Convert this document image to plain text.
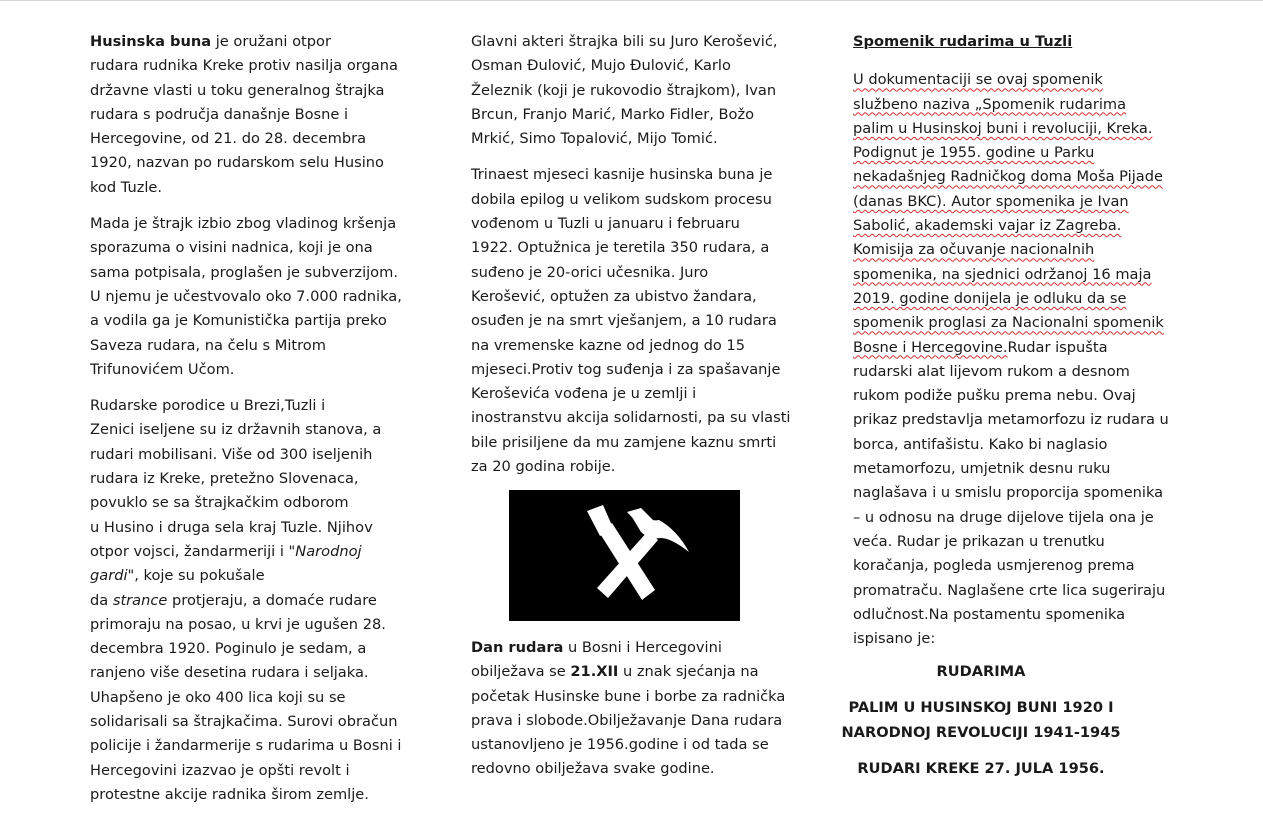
Husinska buna je oružani otpor
rudara rudnika Kreke protiv nasilja organa
državne vlasti u toku generalnog štrajka
rudara s područja današnje Bosne i
Hercegovine, od 21. do 28. decembra
1920, nazvan po rudarskom selu Husino
kod Tuzle.

Mada je štrajk izbio zbog vladinog kršenja
sporazuma o visini nadnica, koji je ona
sama potpisala, proglašen je subverzijom.
U njemu je učestvovalo oko 7.000 radnika,
a vodila ga je Komunistička partija preko
Saveza rudara, na čelu s Mitrom
Trifunovićem Učom.

Rudarske porodice u Brezi,Tuzli i
Zenici iseljene su iz državnih stanova, a
rudari mobilisani. Više od 300 iseljenih
rudara iz Kreke, pretežno Slovenaca,
povuklo se sa štrajkačkim odborom
u Husino i druga sela kraj Tuzle. Njihov
otpor vojsci, žandarmeriji i "Narodnoj
gardi", koje su pokušale
da strance protjeraju, a domaće rudare
primoraju na posao, u krvi je ugušen 28.
decembra 1920. Poginulo je sedam, a
ranjeno više desetina rudara i seljaka.
Uhapšeno je oko 400 lica koji su se
solidarisali sa štrajkačima. Surovi obračun
policije i žandarmerije s rudarima u Bosni i
Hercegovini izazvao je opšti revolt i
protestne akcije radnika širom zemlje.

Glavni akteri štrajka bili su Juro Kerošević,
Osman Đulović, Mujo Đulović, Karlo
Železnik (koji je rukovodio štrajkom), Ivan
Brcun, Franjo Marić, Marko Fidler, Božo
Mrkić, Simo Topalović, Mijo Tomić.

Trinaest mjeseci kasnije husinska buna je
dobila epilog u velikom sudskom procesu
vođenom u Tuzli u januaru i februaru
1922. Optužnica je teretila 350 rudara, a
suđeno je 20-orici učesnika. Juro
Kerošević, optužen za ubistvo žandara,
osuđen je na smrt vješanjem, a 10 rudara
na vremenske kazne od jednog do 15
mjeseci.Protiv tog suđenja i za spašavanje
Keroševića vođena je u zemlji i
inostranstvu akcija solidarnosti, pa su vlasti
bile prisiljene da mu zamjene kaznu smrti
za 20 godina robije.

Dan rudara u Bosni i Hercegovini
obilježava se 21.XII u znak sjećanja na
početak Husinske bune i borbe za radnička
prava i slobode.Obilježavanje Dana rudara
ustanovljeno je 1956.godine i od tada se
redovno obilježava svake godine.

Spomenik rudarima u Tuzli

U dokumentaciji se ovaj spomenik
službeno naziva „Spomenik rudarima
palim u Husinskoj buni i revoluciji, Kreka.
Podignut je 1955. godine u Parku
nekadašnjeg Radničkog doma Moša Pijade
(danas BKC). Autor spomenika je Ivan
Sabolić, akademski vajar iz Zagreba.
Komisija za očuvanje nacionalnih
spomenika, na sjednici održanoj 16 maja
2019. godine donijela je odluku da se
spomenik proglasi za Nacionalni spomenik
Bosne i Hercegovine.Rudar ispušta
rudarski alat lijevom rukom a desnom
rukom podiže pušku prema nebu. Ovaj
prikaz predstavlja metamorfozu iz rudara u
borca, antifašistu. Kako bi naglasio
metamorfozu, umjetnik desnu ruku
naglašava i u smislu proporcija spomenika
– u odnosu na druge dijelove tijela ona je
veća. Rudar je prikazan u trenutku
koračanja, pogleda usmjerenog prema
promatraču. Naglašene crte lica sugeriraju
odlučnost.Na postamentu spomenika
ispisano je:

RUDARIMA

PALIM U HUSINSKOJ BUNI 1920 I
NARODNOJ REVOLUCIJI 1941-1945

RUDARI KREKE 27. JULA 1956.
